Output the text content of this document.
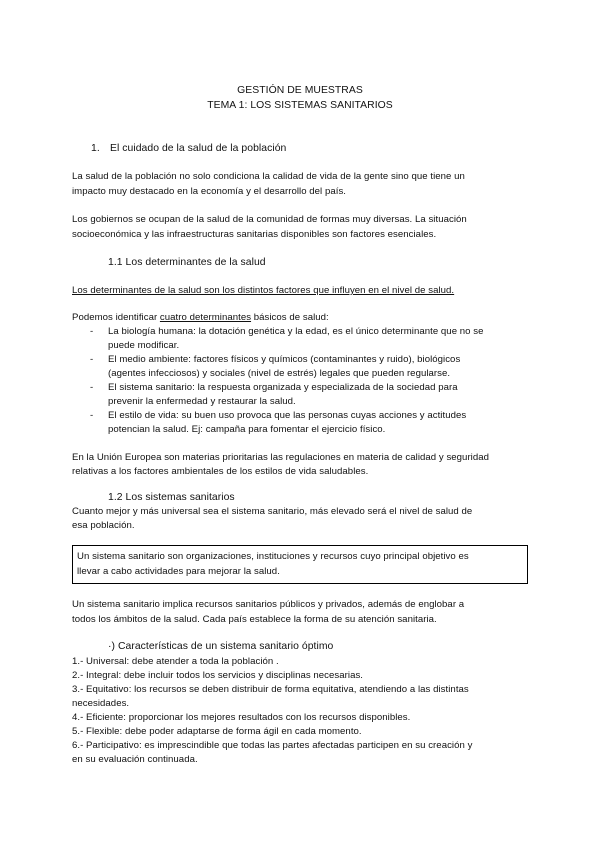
GESTIÓN DE MUESTRAS

TEMA 1: LOS SISTEMAS SANITARIOS

1. El cuidado de la salud de la población

La salud de la población no solo condiciona la calidad de vida de la gente sino que tiene un

impacto muy destacado en la economía y el desarrollo del país.

Los gobiernos se ocupan de la salud de la comunidad de formas muy diversas. La situación

socioeconómica y las infraestructuras sanitarias disponibles son factores esenciales.

1.1 Los determinantes de la salud

Los determinantes de la salud son los distintos factores que influyen en el nivel de salud.

Podemos identificar cuatro determinantes básicos de salud:

- La biología humana: la dotación genética y la edad, es el único determinante que no se

puede modificar.

- El medio ambiente: factores físicos y químicos (contaminantes y ruido), biológicos

(agentes infecciosos) y sociales (nivel de estrés) legales que pueden regularse.

- El sistema sanitario: la respuesta organizada y especializada de la sociedad para

prevenir la enfermedad y restaurar la salud.

- El estilo de vida: su buen uso provoca que las personas cuyas acciones y actitudes

potencian la salud. Ej: campaña para fomentar el ejercicio físico.

En la Unión Europea son materias prioritarias las regulaciones en materia de calidad y seguridad

relativas a los factores ambientales de los estilos de vida saludables.

1.2 Los sistemas sanitarios

Cuanto mejor y más universal sea el sistema sanitario, más elevado será el nivel de salud de

esa población.

Un sistema sanitario son organizaciones, instituciones y recursos cuyo principal objetivo es

llevar a cabo actividades para mejorar la salud.

Un sistema sanitario implica recursos sanitarios públicos y privados, además de englobar a

todos los ámbitos de la salud. Cada país establece la forma de su atención sanitaria.

·) Características de un sistema sanitario óptimo

1.- Universal: debe atender a toda la población .

2.- Integral: debe incluir todos los servicios y disciplinas necesarias.

3.- Equitativo: los recursos se deben distribuir de forma equitativa, atendiendo a las distintas

necesidades.

4.- Eficiente: proporcionar los mejores resultados con los recursos disponibles.

5.- Flexible: debe poder adaptarse de forma ágil en cada momento.

6.- Participativo: es imprescindible que todas las partes afectadas participen en su creación y

en su evaluación continuada.
